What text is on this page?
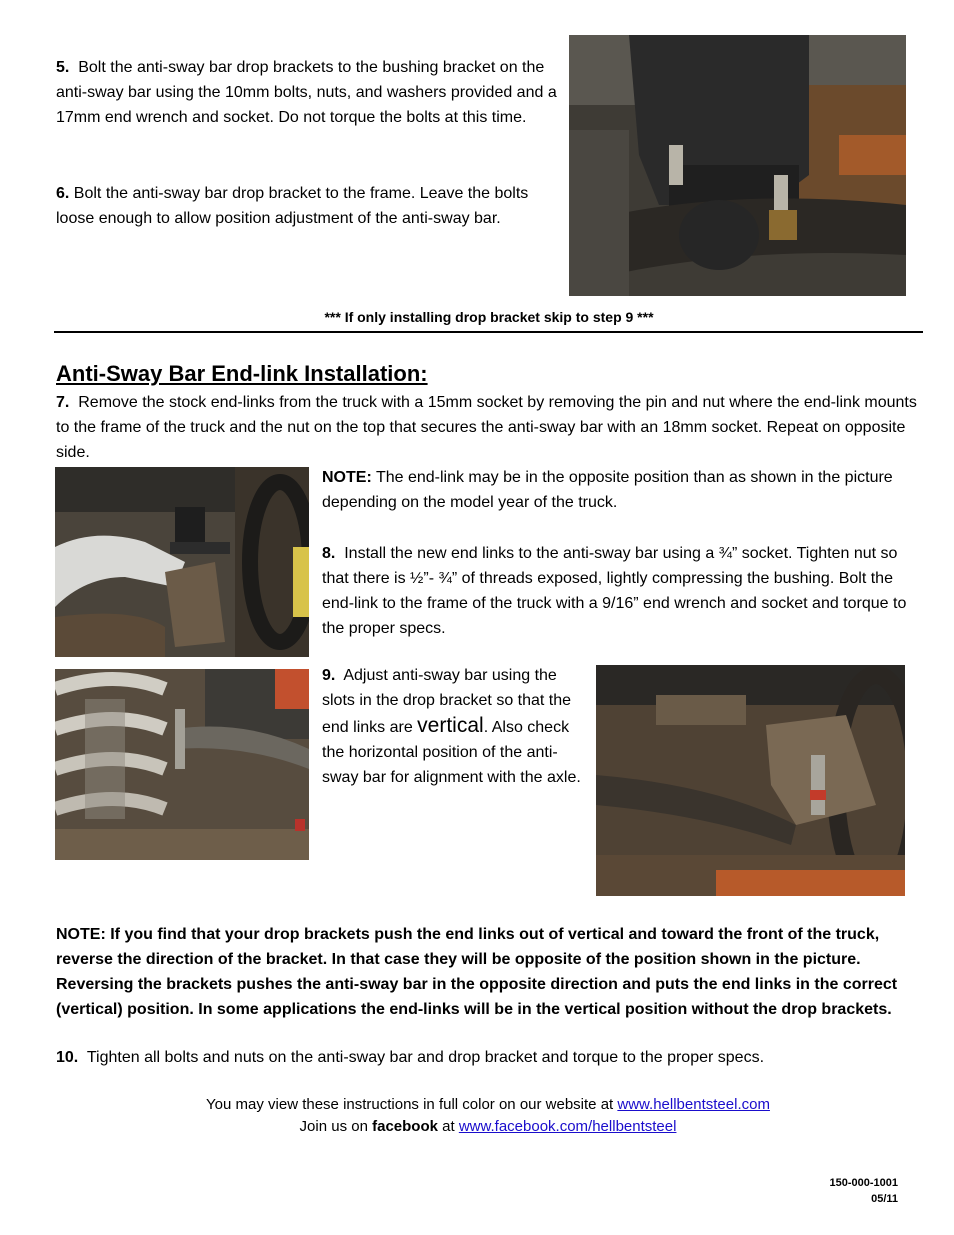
5. Bolt the anti-sway bar drop brackets to the bushing bracket on the anti-sway bar using the 10mm bolts, nuts, and washers provided and a 17mm end wrench and socket. Do not torque the bolts at this time.
6. Bolt the anti-sway bar drop bracket to the frame. Leave the bolts loose enough to allow position adjustment of the anti-sway bar.
*** If only installing drop bracket skip to step 9 ***
Anti-Sway Bar End-link Installation:
7. Remove the stock end-links from the truck with a 15mm socket by removing the pin and nut where the end-link mounts to the frame of the truck and the nut on the top that secures the anti-sway bar with an 18mm socket. Repeat on opposite side.
NOTE: The end-link may be in the opposite position than as shown in the picture depending on the model year of the truck.
8. Install the new end links to the anti-sway bar using a ¾” socket. Tighten nut so that there is ½”- ¾” of threads exposed, lightly compressing the bushing. Bolt the end-link to the frame of the truck with a 9/16” end wrench and socket and torque to the proper specs.
9. Adjust anti-sway bar using the slots in the drop bracket so that the end links are vertical. Also check the horizontal position of the anti-sway bar for alignment with the axle.
NOTE: If you find that your drop brackets push the end links out of vertical and toward the front of the truck, reverse the direction of the bracket. In that case they will be opposite of the position shown in the picture. Reversing the brackets pushes the anti-sway bar in the opposite direction and puts the end links in the correct (vertical) position. In some applications the end-links will be in the vertical position without the drop brackets.
10. Tighten all bolts and nuts on the anti-sway bar and drop bracket and torque to the proper specs.
You may view these instructions in full color on our website at www.hellbentsteel.com
Join us on facebook at www.facebook.com/hellbentsteel
150-000-1001
05/11
